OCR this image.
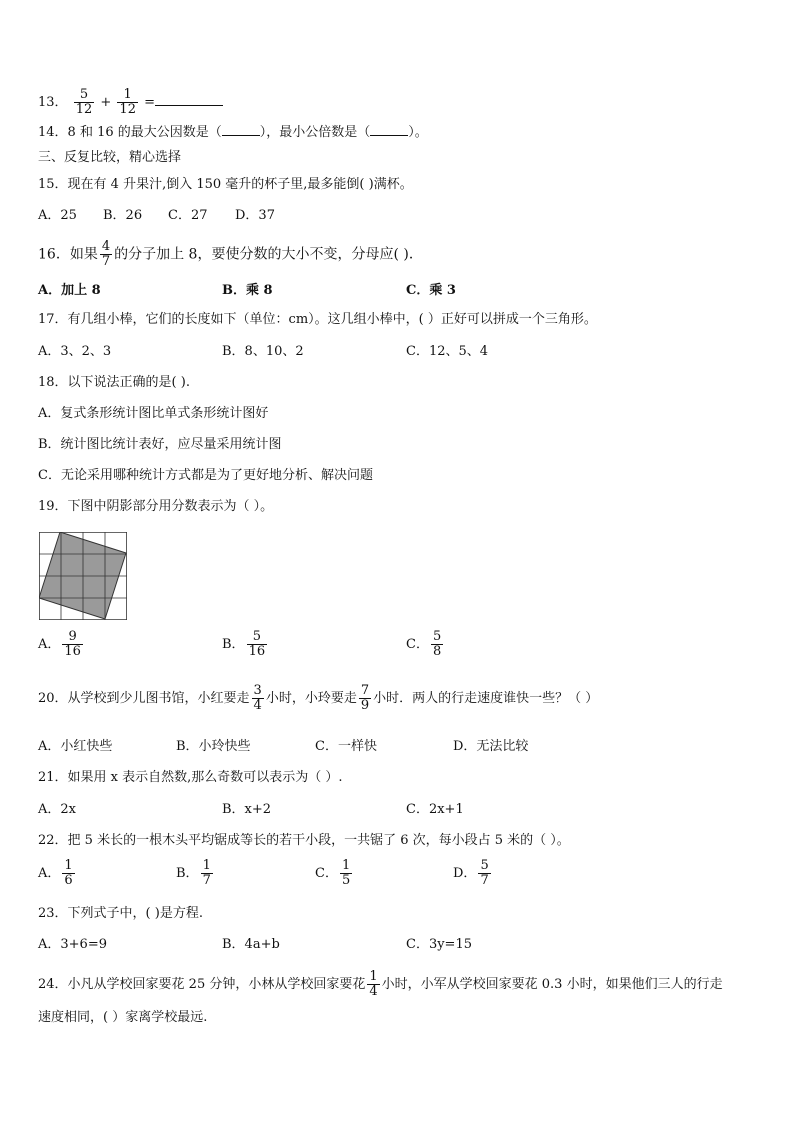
13． $\frac{5}{12} + \frac{1}{12}$ =
14．8 和 16 的最大公因数是（	），最小公倍数是（	）。
三、反复比较，精心选择
15．现在有 4 升果汁,倒入 150 毫升的杯子里,最多能倒( )满杯。
A．25 B．26 C．27 D．37
16．如果 $\frac{4}{7}$ 的分子加上 8，要使分数的大小不变，分母应( )．
A．加上 8	B．乘 8	C．乘 3
17．有几组小棒，它们的长度如下（单位：cm）。这几组小棒中，( ）正好可以拼成一个三角形。
A．3、2、3	B．8、10、2	C．12、5、4
18．以下说法正确的是( ).
A．复式条形统计图比单式条形统计图好
B．统计图比统计表好，应尽量采用统计图
C．无论采用哪种统计方式都是为了更好地分析、解决问题
19．下图中阴影部分用分数表示为（ ）。
A． $\frac{9}{16}$	B． $\frac{5}{16}$	C． $\frac{5}{8}$
20．从学校到少儿图书馆，小红要走 $\frac{3}{4}$ 小时，小玲要走 $\frac{7}{9}$ 小时．两人的行走速度谁快一些？（ ）
A．小红快些	B．小玲快些	C．一样快	D．无法比较
21．如果用 x 表示自然数,那么奇数可以表示为（ ）.
A．2x	B．x+2	C．2x+1
22．把 5 米长的一根木头平均锯成等长的若干小段，一共锯了 6 次，每小段占 5 米的（ ）。
A． $\frac{1}{6}$	B． $\frac{1}{7}$	C． $\frac{1}{5}$	D． $\frac{5}{7}$
23．下列式子中，( )是方程.
A．3+6=9	B．4a+b	C．3y=15
24．小凡从学校回家要花 25 分钟，小林从学校回家要花 $\frac{1}{4}$ 小时，小军从学校回家要花 0.3 小时，如果他们三人的行走
速度相同，( ）家离学校最远.
